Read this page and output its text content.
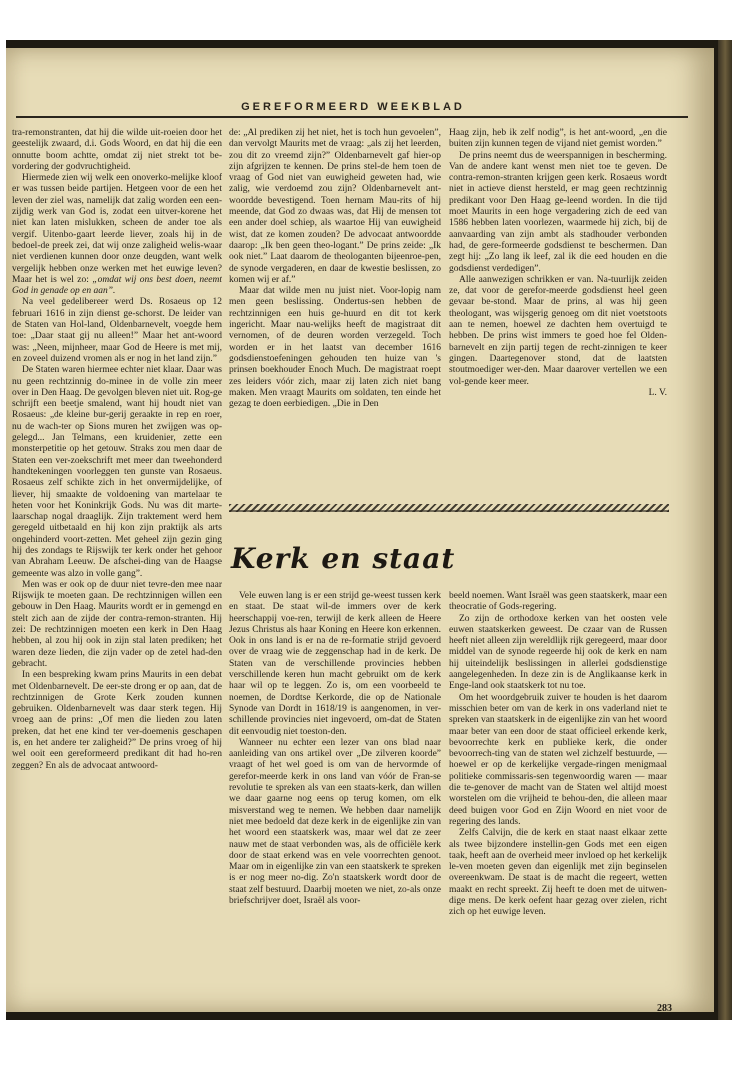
GEREFORMEERD WEEKBLAD

tra-remonstranten, dat hij die wilde uit-roeien door het geestelijk zwaard, d.i. Gods Woord, en dat hij die een onnutte boom achtte, omdat zij niet strekt tot be-vordering der godvruchtigheid.

Hiermede zien wij welk een onoverko-melijke kloof er was tussen beide partijen. Hetgeen voor de een het leven der ziel was, namelijk dat zalig worden een een-zijdig werk van God is, zodat een uitver-korene het niet kan laten mislukken, scheen de ander toe als vergif. Uitenbo-gaart leerde liever, zoals hij in de bedoel-de preek zei, dat wij onze zaligheid welis-waar niet verdienen kunnen door onze deugden, want welk vergelijk hebben onze werken met het euwige leven? Maar het is wel zo: „omdat wij ons best doen, neemt God in genade op en aan”.

Na veel gedelibereer werd Ds. Rosaeus op 12 februari 1616 in zijn dienst ge-schorst. De leider van de Staten van Hol-land, Oldenbarnevelt, voegde hem toe: „Daar staat gij nu alleen!” Maar het ant-woord was: „Neen, mijnheer, maar God de Heere is met mij, en zoveel duizend vromen als er nog in het land zijn.”

De Staten waren hiermee echter niet klaar. Daar was nu geen rechtzinnig do-minee in de volle zin meer over in Den Haag. De gevolgen bleven niet uit. Rog-ge schrijft een beetje smalend, want hij houdt niet van Rosaeus: „de kleine bur-gerij geraakte in rep en roer, nu de wach-ter op Sions muren het zwijgen was op-gelegd... Jan Telmans, een kruidenier, zette een monsterpetitie op het getouw. Straks zou men daar de Staten een ver-zoekschrift met meer dan tweehonderd handtekeningen voorleggen ten gunste van Rosaeus. Rosaeus zelf schikte zich in het onvermijdelijke, of liever, hij smaakte de voldoening van martelaar te heten voor het Koninkrijk Gods. Nu was dit marte-laarschap nogal draaglijk. Zijn traktement werd hem geregeld uitbetaald en hij kon zijn praktijk als arts ongehinderd voort-zetten. Met geheel zijn gezin ging hij des zondags te Rijswijk ter kerk onder het gehoor van Abraham Leeuw. De afschei-ding van de Haagse gemeente was alzo in volle gang”.

Men was er ook op de duur niet tevre-den mee naar Rijswijk te moeten gaan. De rechtzinnigen willen een gebouw in Den Haag. Maurits wordt er in gemengd en stelt zich aan de zijde der contra-remon-stranten. Hij zei: De rechtzinnigen moeten een kerk in Den Haag hebben, al zou hij ook in zijn stal laten prediken; het waren deze lieden, die zijn vader op de zetel had-den gebracht.

In een bespreking kwam prins Maurits in een debat met Oldenbarnevelt. De eer-ste drong er op aan, dat de rechtzinnigen de Grote Kerk zouden kunnen gebruiken. Oldenbarnevelt was daar sterk tegen. Hij vroeg aan de prins: „Of men die lieden zou laten preken, dat het ene kind ter ver-doemenis geschapen is, en het andere ter zaligheid?” De prins vroeg of hij wel ooit een gereformeerd predikant dit had ho-ren zeggen? En als de advocaat antwoord-

de: „Al prediken zij het niet, het is toch hun gevoelen”, dan vervolgt Maurits met de vraag: „als zij het leerden, zou dit zo vreemd zijn?” Oldenbarnevelt gaf hier-op zijn afgrijzen te kennen. De prins stel-de hem toen de vraag of God niet van euwigheid geweten had, wie zalig, wie verdoemd zou zijn? Oldenbarnevelt ant-woordde bevestigend. Toen hernam Mau-rits of hij meende, dat God zo dwaas was, dat Hij de mensen tot een ander doel schiep, als waartoe Hij van euwigheid wist, dat ze komen zouden? De advocaat antwoordde daarop: „Ik ben geen theo-logant.” De prins zeide: „Ik ook niet.” Laat daarom de theologanten bijeenroe-pen, de synode vergaderen, en daar de kwestie beslissen, zo komen wij er af.”

Maar dat wilde men nu juist niet. Voor-lopig nam men geen beslissing. Ondertus-sen hebben de rechtzinnigen een huis ge-huurd en dit tot kerk ingericht. Maar nau-welijks heeft de magistraat dit vernomen, of de deuren worden verzegeld. Toch worden er in het laatst van december 1616 godsdienstoefeningen gehouden ten huize van 's prinsen boekhouder Enoch Much. De magistraat roept zes leiders vóór zich, maar zij laten zich niet bang maken. Men vraagt Maurits om soldaten, ten einde het gezag te doen eerbiedigen. „Die in Den

Haag zijn, heb ik zelf nodig”, is het ant-woord, „en die buiten zijn kunnen tegen de vijand niet gemist worden.”

De prins neemt dus de weerspannigen in bescherming. Van de andere kant wenst men niet toe te geven. De contra-remon-stranten krijgen geen kerk. Rosaeus wordt niet in actieve dienst hersteld, er mag geen rechtzinnig predikant voor Den Haag ge-leend worden. In die tijd moet Maurits in een hoge vergadering zich de eed van 1586 hebben laten voorlezen, waarmede hij zich, bij de aanvaarding van zijn ambt als stadhouder verbonden had, de gere-formeerde godsdienst te beschermen. Dan zegt hij: „Zo lang ik leef, zal ik die eed houden en die godsdienst verdedigen”.

Alle aanwezigen schrikken er van. Na-tuurlijk zeiden ze, dat voor de gerefor-meerde godsdienst heel geen gevaar be-stond. Maar de prins, al was hij geen theologant, was wijsgerig genoeg om dit niet voetstoots aan te nemen, hoewel ze dachten hem overtuigd te hebben. De prins wist immers te goed hoe fel Olden-barnevelt en zijn partij tegen de recht-zinnigen te keer gingen. Daartegenover stond, dat de laatsten stoutmoediger wer-den. Maar daarover vertellen we een vol-gende keer meer.

L. V.

Kerk en staat

Vele euwen lang is er een strijd ge-weest tussen kerk en staat. De staat wil-de immers over de kerk heerschappij voe-ren, terwijl de kerk alleen de Heere Jezus Christus als haar Koning en Heere kon erkennen. Ook in ons land is er na de re-formatie strijd gevoerd over de vraag wie de zeggenschap had in de kerk. De Staten van de verschillende provincies hebben verschillende keren hun macht gebruikt om de kerk haar wil op te leggen. Zo is, om een voorbeeld te noemen, de Dordtse Kerkorde, die op de Nationale Synode van Dordt in 1618/19 is aangenomen, in ver-schillende provincies niet ingevoerd, om-dat de Staten dit eenvoudig niet toeston-den.

Wanneer nu echter een lezer van ons blad naar aanleiding van ons artikel over „De zilveren koorde” vraagt of het wel goed is om van de hervormde of gerefor-meerde kerk in ons land van vóór de Fran-se revolutie te spreken als van een staats-kerk, dan willen we daar gaarne nog eens op terug komen, om elk misverstand weg te nemen. We hebben daar namelijk niet mee bedoeld dat deze kerk in de eigenlijke zin van het woord een staatskerk was, maar wel dat ze zeer nauw met de staat verbonden was, als de officiële kerk door de staat erkend was en vele voorrechten genoot. Maar om in eigenlijke zin van een staatskerk te spreken is er nog meer no-dig. Zo'n staatskerk wordt door de staat zelf bestuurd. Daarbij moeten we niet, zo-als onze briefschrijver doet, Israël als voor-

beeld noemen. Want Israël was geen staatskerk, maar een theocratie of Gods-regering.

Zo zijn de orthodoxe kerken van het oosten vele euwen staatskerken geweest. De czaar van de Russen heeft niet alleen zijn wereldlijk rijk geregeerd, maar door middel van de synode regeerde hij ook de kerk en nam hij uiteindelijk beslissingen in allerlei godsdienstige aangelegenheden. In deze zin is de Anglikaanse kerk in Enge-land ook staatskerk tot nu toe.

Om het woordgebruik zuiver te houden is het daarom misschien beter om van de kerk in ons vaderland niet te spreken van staatskerk in de eigenlijke zin van het woord maar beter van een door de staat officieel erkende kerk, bevoorrechte kerk en publieke kerk, die onder bevoorrech-ting van de staten wel zichzelf bestuurde, — hoewel er op de kerkelijke vergade-ringen menigmaal politieke commissaris-sen tegenwoordig waren — maar die te-genover de macht van de Staten wel altijd moest worstelen om die vrijheid te behou-den, die alleen maar deed buigen voor God en Zijn Woord en niet voor de regering des lands.

Zelfs Calvijn, die de kerk en staat naast elkaar zette als twee bijzondere instellin-gen Gods met een eigen taak, heeft aan de overheid meer invloed op het kerkelijk le-ven moeten geven dan eigenlijk met zijn beginselen overeenkwam. De staat is de macht die regeert, wetten maakt en recht spreekt. Zij heeft te doen met de uitwen-dige mens. De kerk oefent haar gezag over zielen, richt zich op het euwige leven.

283
